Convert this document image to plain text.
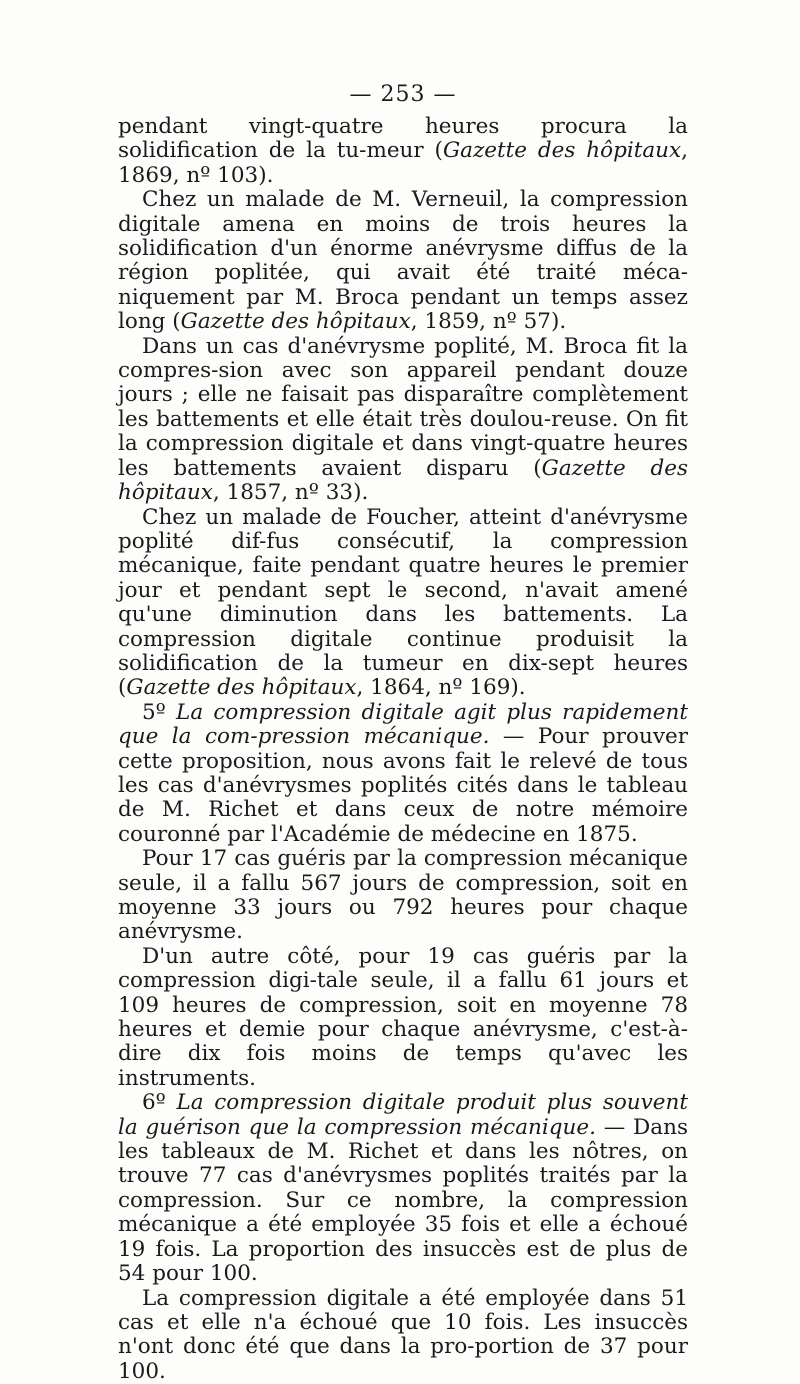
— 253 —

pendant vingt-quatre heures procura la solidification de la tu-meur (Gazette des hôpitaux, 1869, nº 103).

Chez un malade de M. Verneuil, la compression digitale amena en moins de trois heures la solidification d'un énorme anévrysme diffus de la région poplitée, qui avait été traité méca-niquement par M. Broca pendant un temps assez long (Gazette des hôpitaux, 1859, nº 57).

Dans un cas d'anévrysme poplité, M. Broca fit la compres-sion avec son appareil pendant douze jours ; elle ne faisait pas disparaître complètement les battements et elle était très doulou-reuse. On fit la compression digitale et dans vingt-quatre heures les battements avaient disparu (Gazette des hôpitaux, 1857, nº 33).

Chez un malade de Foucher, atteint d'anévrysme poplité dif-fus consécutif, la compression mécanique, faite pendant quatre heures le premier jour et pendant sept le second, n'avait amené qu'une diminution dans les battements. La compression digitale continue produisit la solidification de la tumeur en dix-sept heures (Gazette des hôpitaux, 1864, nº 169).

5º La compression digitale agit plus rapidement que la com-pression mécanique. — Pour prouver cette proposition, nous avons fait le relevé de tous les cas d'anévrysmes poplités cités dans le tableau de M. Richet et dans ceux de notre mémoire couronné par l'Académie de médecine en 1875.

Pour 17 cas guéris par la compression mécanique seule, il a fallu 567 jours de compression, soit en moyenne 33 jours ou 792 heures pour chaque anévrysme.

D'un autre côté, pour 19 cas guéris par la compression digi-tale seule, il a fallu 61 jours et 109 heures de compression, soit en moyenne 78 heures et demie pour chaque anévrysme, c'est-à-dire dix fois moins de temps qu'avec les instruments.

6º La compression digitale produit plus souvent la guérison que la compression mécanique. — Dans les tableaux de M. Richet et dans les nôtres, on trouve 77 cas d'anévrysmes poplités traités par la compression. Sur ce nombre, la compression mécanique a été employée 35 fois et elle a échoué 19 fois. La proportion des insuccès est de plus de 54 pour 100.

La compression digitale a été employée dans 51 cas et elle n'a échoué que 10 fois. Les insuccès n'ont donc été que dans la pro-portion de 37 pour 100.
